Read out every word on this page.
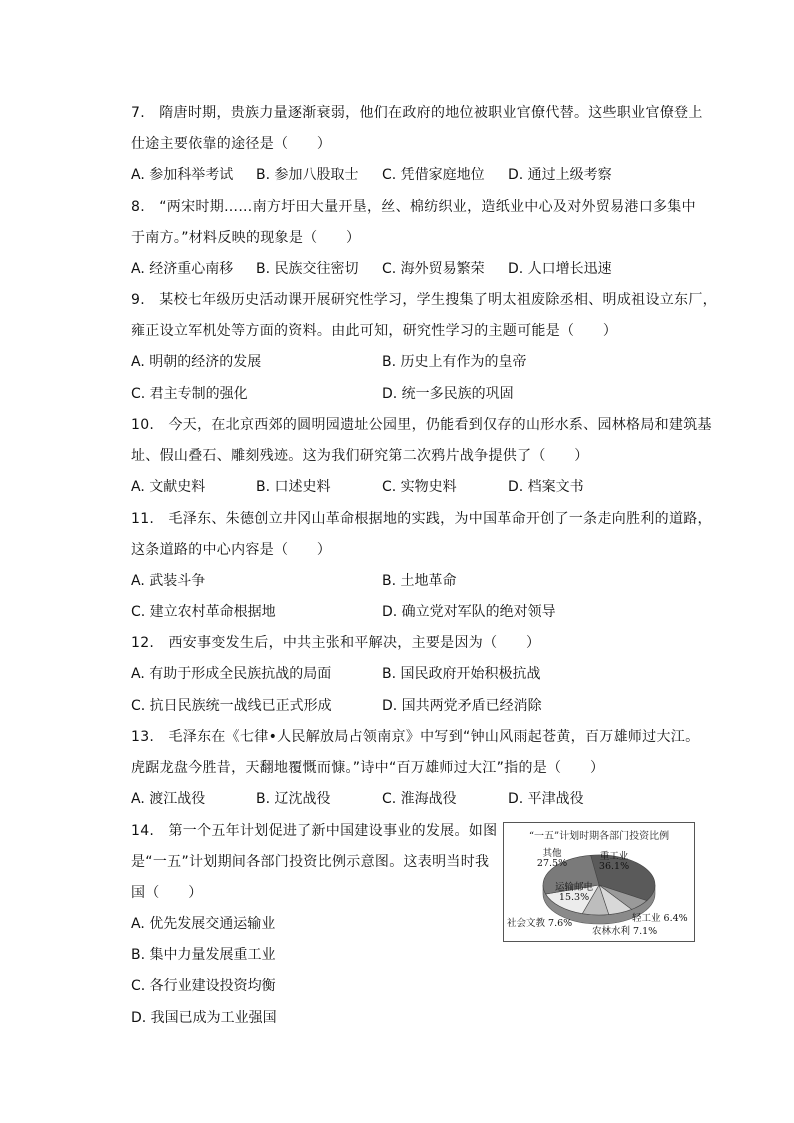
7.　隋唐时期，贵族力量逐渐衰弱，他们在政府的地位被职业官僚代替。这些职业官僚登上
仕途主要依靠的途径是（　　）
A. 参加科举考试 B. 参加八股取士 C. 凭借家庭地位 D. 通过上级考察
8.　“两宋时期……南方圩田大量开垦，丝、棉纺织业，造纸业中心及对外贸易港口多集中
于南方。”材料反映的现象是（　　）
A. 经济重心南移 B. 民族交往密切 C. 海外贸易繁荣 D. 人口增长迅速
9.　某校七年级历史活动课开展研究性学习，学生搜集了明太祖废除丞相、明成祖设立东厂，
雍正设立军机处等方面的资料。由此可知，研究性学习的主题可能是（　　）
A. 明朝的经济的发展	B. 历史上有作为的皇帝
C. 君主专制的强化	D. 统一多民族的巩固
10.　今天，在北京西郊的圆明园遗址公园里，仍能看到仅存的山形水系、园林格局和建筑基
址、假山叠石、雕刻残迹。这为我们研究第二次鸦片战争提供了（　　）
A. 文献史料	B. 口述史料	C. 实物史料	D. 档案文书
11.　毛泽东、朱德创立井冈山革命根据地的实践，为中国革命开创了一条走向胜利的道路，
这条道路的中心内容是（　　）
A. 武装斗争	B. 土地革命
C. 建立农村革命根据地	D. 确立党对军队的绝对领导
12.　西安事变发生后，中共主张和平解决，主要是因为（　　）
A. 有助于形成全民族抗战的局面	B. 国民政府开始积极抗战
C. 抗日民族统一战线已正式形成	D. 国共两党矛盾已经消除
13.　毛泽东在《七律•人民解放局占领南京》中写到“钟山风雨起苍黄，百万雄师过大江。
虎踞龙盘今胜昔，天翻地覆慨而慷。”诗中“百万雄师过大江”指的是（　　）
A. 渡江战役	B. 辽沈战役	C. 淮海战役	D. 平津战役
14.　第一个五年计划促进了新中国建设事业的发展。如图
是“一五”计划期间各部门投资比例示意图。这表明当时我
国（　　）
A. 优先发展交通运输业
B. 集中力量发展重工业
C. 各行业建设投资均衡
D. 我国已成为工业强国
“一五”计划时期各部门投资比例
其他
27.5%
重工业
36.1%
运输邮电
15.3%
轻工业 6.4%
农林水利 7.1%
社会文教 7.6%
